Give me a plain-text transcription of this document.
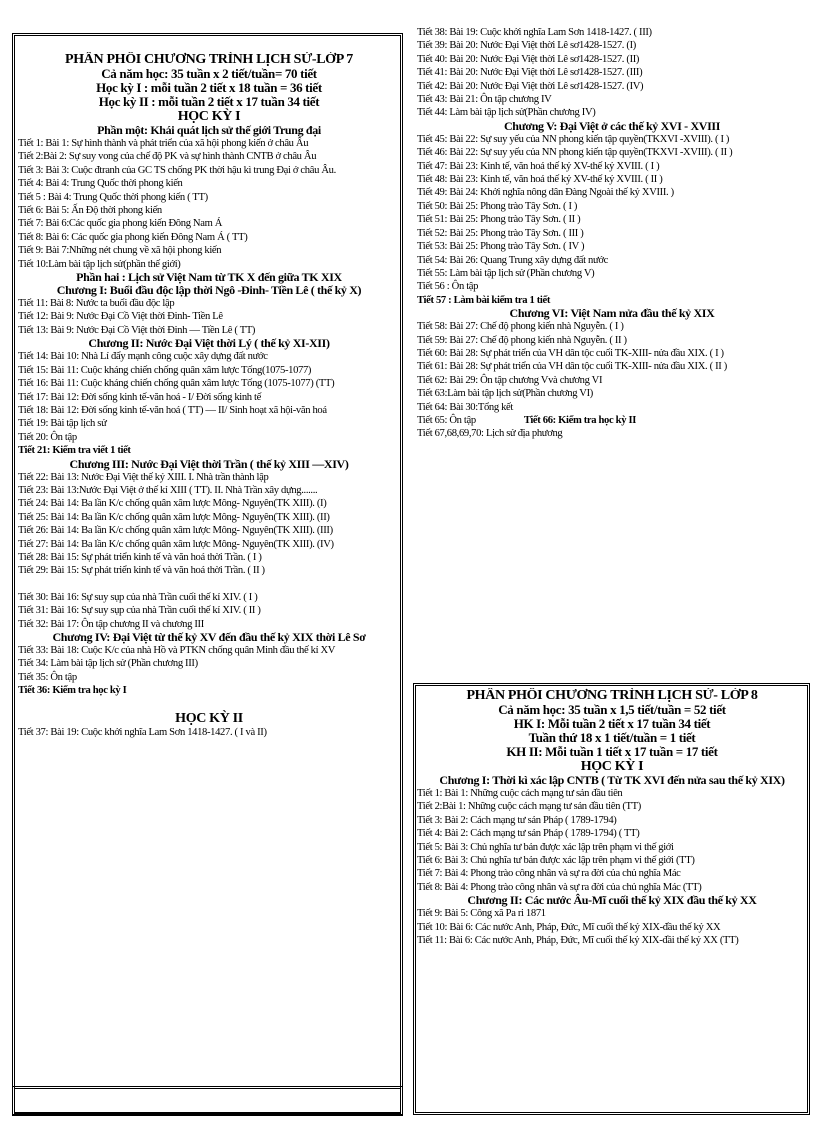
PHÂN PHỐI CHƯƠNG TRÌNH LỊCH SỬ-LỚP 7
Cả năm học: 35 tuần x 2 tiết/tuần= 70 tiết
Học kỳ I : mỗi tuần 2 tiết x 18 tuần = 36 tiết
Học kỳ II : mỗi tuần 2 tiết x 17 tuần 34 tiết
HỌC KỲ I
Phần một: Khái quát lịch sử thế giới Trung đại
Tiết 1: Bài 1: Sự hình thành và phát triển của xã hội phong kiến ở châu Âu
Tiết 2:Bài 2: Sự suy vong của chế độ PK và sự hình thành CNTB ở châu Âu
Tiết 3: Bài 3: Cuộc đtranh của GC TS chống PK thời hậu kì trung Đại ở châu Âu.
Tiết 4: Bài 4: Trung Quốc thời phong kiến
Tiết 5 : Bài 4: Trung Quốc thời phong kiến ( TT)
Tiết 6: Bài 5: Ấn Độ thời phong kiến
Tiết 7: Bài 6:Các quốc gia phong kiến Đông Nam Á
Tiết 8: Bài 6: Các quốc gia phong kiến Đông Nam Á ( TT)
Tiết 9: Bài 7:Những nét chung về xã hội phong kiến
Tiết 10:Làm bài tập lịch sử(phần thế giới)
Phần hai : Lịch sử Việt Nam từ TK X đến giữa TK XIX
Chương I: Buổi đầu độc lập thời Ngô -Đinh- Tiền Lê ( thế kỷ X)
Tiết 11: Bài 8: Nước ta buổi đầu độc lập
Tiết 12: Bài 9: Nước Đại Cồ Việt thời Đinh- Tiền Lê
Tiết 13: Bài 9: Nước Đại Cồ Việt thời Đinh — Tiền Lê ( TT)
Chương II: Nước Đại Việt thời Lý ( thế kỷ XI-XII)
Tiết 14: Bài 10: Nhà Lí đẩy mạnh công cuộc xây dựng đất nước
Tiết 15: Bài 11: Cuộc kháng chiến chống quân xâm lược Tống(1075-1077)
Tiết 16: Bài 11: Cuộc kháng chiến chống quân xâm lược Tống (1075-1077) (TT)
Tiết 17: Bài 12: Đời sống kinh tế-văn hoá - I/ Đời sống kinh tế
Tiết 18: Bài 12: Đời sống kinh tế-văn hoá ( TT) — II/ Sinh hoạt xã hội-văn hoá
Tiết 19: Bài tập lịch sử
Tiết 20: Ôn tập
Tiết 21: Kiểm tra viết 1 tiết
Chương III: Nước Đại Việt thời Trần ( thế kỷ XIII —XIV)
Tiết 22: Bài 13: Nước Đại Việt thế kỷ XIII. I. Nhà trần thành lập
Tiết 23: Bài 13:Nước Đại Việt ở thế kỉ XIII ( TT). II. Nhà Trần xây dựng.......
Tiết 24: Bài 14: Ba lần K/c chống quân xâm lược Mông- Nguyên(TK XIII). (I)
Tiết 25: Bài 14: Ba lần K/c chống quân xâm lược Mông- Nguyên(TK XIII). (II)
Tiết 26: Bài 14: Ba lần K/c chống quân xâm lược Mông- Nguyên(TK XIII). (III)
Tiết 27: Bài 14: Ba lần K/c chống quân xâm lược Mông- Nguyên(TK XIII). (IV)
Tiết 28: Bài 15: Sự phát triển kinh tế và văn hoá thời Trần. ( I )
Tiết 29: Bài 15: Sự phát triển kinh tế và văn hoá thời Trần. ( II )
Tiết 30: Bài 16: Sự suy sụp của nhà Trần cuối thế kỉ XIV. ( I )
Tiết 31: Bài 16: Sự suy sụp của nhà Trần cuối thế kỉ XIV. ( II )
Tiết 32: Bài 17: Ôn tập chương II và chương III
Chương IV: Đại Việt từ thế kỷ XV đến đầu thế kỷ XIX thời Lê Sơ
Tiết 33: Bài 18: Cuộc K/c của nhà Hồ và PTKN chống quân Minh đầu thế kỉ XV
Tiết 34: Làm bài tập lịch sử (Phần chương III)
Tiết 35: Ôn tập
Tiết 36: Kiểm tra học kỳ I
HỌC KỲ II
Tiết 37: Bài 19: Cuộc khởi nghĩa Lam Sơn 1418-1427. ( I và II)
Tiết 38: Bài 19: Cuộc khởi nghĩa Lam Sơn 1418-1427. ( III)
Tiết 39: Bài 20: Nước Đại Việt thời Lê sơ1428-1527. (I)
Tiết 40: Bài 20: Nước Đại Việt thời Lê sơ1428-1527. (II)
Tiết 41: Bài 20: Nước Đại Việt thời Lê sơ1428-1527. (III)
Tiết 42: Bài 20: Nước Đại Việt thời Lê sơ1428-1527. (IV)
Tiết 43: Bài 21: Ôn tập chương IV
Tiết 44: Làm bài tập lịch sử(Phần chương IV)
Chương V: Đại Việt ở các thế kỷ XVI - XVIII
Tiết 45: Bài 22: Sự suy yếu của NN phong kiến tập quyền(TKXVI -XVIII). ( I )
Tiết 46: Bài 22: Sự suy yếu của NN phong kiến tập quyền(TKXVI -XVIII). ( II )
Tiết 47: Bài 23: Kinh tế, văn hoá thế kỷ XV-thế kỷ XVIII. ( I )
Tiết 48: Bài 23: Kinh tế, văn hoá thế kỷ XV-thế kỷ XVIII. ( II )
Tiết 49: Bài 24: Khởi nghĩa nông dân Đàng Ngoài thế kỷ XVIII. )
Tiết 50: Bài 25: Phong trào Tây Sơn. ( I )
Tiết 51: Bài 25: Phong trào Tây Sơn. ( II )
Tiết 52: Bài 25: Phong trào Tây Sơn. ( III )
Tiết 53: Bài 25: Phong trào Tây Sơn. ( IV )
Tiết 54: Bài 26: Quang Trung xây dựng đất nước
Tiết 55: Làm bài tập lịch sử (Phần chương V)
Tiết 56 : Ôn tập
Tiết 57 : Làm bài kiểm tra 1 tiết
Chương VI: Việt Nam nửa đầu thế kỷ XIX
Tiết 58: Bài 27: Chế độ phong kiến nhà Nguyễn. ( I )
Tiết 59: Bài 27: Chế độ phong kiến nhà Nguyễn. ( II )
Tiết 60: Bài 28: Sự phát triển của VH dân tộc cuối TK-XIII- nửa đầu XIX. ( I )
Tiết 61: Bài 28: Sự phát triển của VH dân tộc cuối TK-XIII- nửa đầu XIX. ( II )
Tiết 62: Bài 29: Ôn tập chương Vvà chương VI
Tiết 63:Làm bài tập lịch sử(Phần chương VI)
Tiết 64: Bài 30:Tổng kết
Tiết 65: Ôn tập	Tiết 66: Kiểm tra học kỳ II
Tiết 67,68,69,70: Lịch sử địa phương
PHÂN PHỐI CHƯƠNG TRÌNH LỊCH SỬ- LỚP 8
Cả năm học: 35 tuần x 1,5 tiết/tuần = 52 tiết
HK I: Mỗi tuần 2 tiết x 17 tuần 34 tiết
Tuần thứ 18 x 1 tiết/tuần = 1 tiết
KH II: Mỗi tuần 1 tiết x 17 tuần = 17 tiết
HỌC KỲ I
Chương I: Thời kì xác lập CNTB ( Từ TK XVI đến nửa sau thế kỷ XIX)
Tiết 1: Bài 1: Những cuộc cách mạng tư sản đầu tiên
Tiết 2:Bài 1: Những cuộc cách mạng tư sản đầu tiên (TT)
Tiết 3: Bài 2: Cách mạng tư sản Pháp ( 1789-1794)
Tiết 4: Bài 2: Cách mạng tư sản Pháp ( 1789-1794) ( TT)
Tiết 5: Bài 3: Chủ nghĩa tư bản được xác lập trên phạm vi thế giới
Tiết 6: Bài 3: Chủ nghĩa tư bản được xác lập trên phạm vi thế giới (TT)
Tiết 7: Bài 4: Phong trào công nhân và sự ra đời của chủ nghĩa Mác
Tiết 8: Bài 4: Phong trào công nhân và sự ra đời của chủ nghĩa Mác (TT)
Chương II: Các nước Âu-Mĩ cuối thế kỷ XIX đầu thế kỷ XX
Tiết 9: Bài 5: Công xã Pa ri 1871
Tiết 10: Bài 6: Các nước Anh, Pháp, Đức, Mĩ cuối thế kỷ XIX-đầu thế kỷ XX
Tiết 11: Bài 6: Các nước Anh, Pháp, Đức, Mĩ cuối thế kỷ XIX-đầi thế kỷ XX (TT)
